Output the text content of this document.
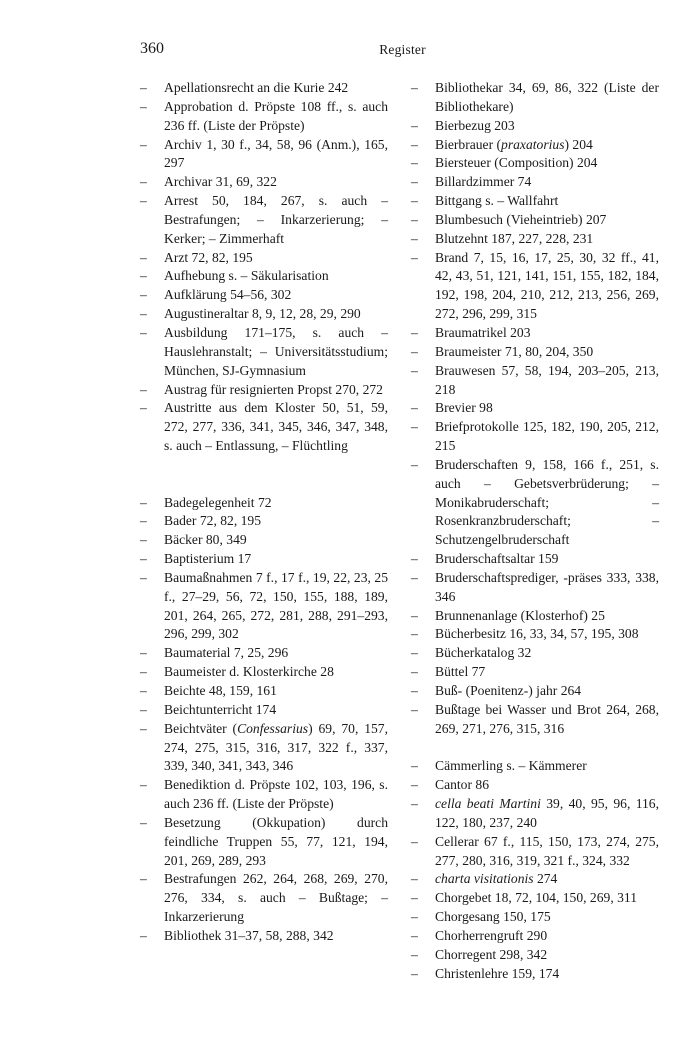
360	Register

– Apellationsrecht an die Kurie 242

– Approbation d. Pröpste 108 ff., s. auch 236 ff. (Liste der Pröpste)

– Archiv 1, 30 f., 34, 58, 96 (Anm.), 165, 297

– Archivar 31, 69, 322

– Arrest 50, 184, 267, s. auch – Bestrafungen; – Inkarzerierung; – Kerker; – Zimmerhaft

– Arzt 72, 82, 195

– Aufhebung s. – Säkularisation

– Aufklärung 54–56, 302

– Augustineraltar 8, 9, 12, 28, 29, 290

– Ausbildung 171–175, s. auch – Hauslehranstalt; – Universitätsstudium; München, SJ-Gymnasium

– Austrag für resignierten Propst 270, 272

– Austritte aus dem Kloster 50, 51, 59, 272, 277, 336, 341, 345, 346, 347, 348, s. auch – Entlassung, – Flüchtling

– Badegelegenheit 72

– Bader 72, 82, 195

– Bäcker 80, 349

– Baptisterium 17

– Baumaßnahmen 7 f., 17 f., 19, 22, 23, 25 f., 27–29, 56, 72, 150, 155, 188, 189, 201, 264, 265, 272, 281, 288, 291–293, 296, 299, 302

– Baumaterial 7, 25, 296

– Baumeister d. Klosterkirche 28

– Beichte 48, 159, 161

– Beichtunterricht 174

– Beichtväter (Confessarius) 69, 70, 157, 274, 275, 315, 316, 317, 322 f., 337, 339, 340, 341, 343, 346

– Benediktion d. Pröpste 102, 103, 196, s. auch 236 ff. (Liste der Pröpste)

– Besetzung (Okkupation) durch feindliche Truppen 55, 77, 121, 194, 201, 269, 289, 293

– Bestrafungen 262, 264, 268, 269, 270, 276, 334, s. auch – Bußtage; – Inkarzerierung

– Bibliothek 31–37, 58, 288, 342

– Bibliothekar 34, 69, 86, 322 (Liste der Bibliothekare)

– Bierbezug 203

– Bierbrauer (praxatorius) 204

– Biersteuer (Composition) 204

– Billardzimmer 74

– Bittgang s. – Wallfahrt

– Blumbesuch (Vieheintrieb) 207

– Blutzehnt 187, 227, 228, 231

– Brand 7, 15, 16, 17, 25, 30, 32 ff., 41, 42, 43, 51, 121, 141, 151, 155, 182, 184, 192, 198, 204, 210, 212, 213, 256, 269, 272, 296, 299, 315

– Braumatrikel 203

– Braumeister 71, 80, 204, 350

– Brauwesen 57, 58, 194, 203–205, 213, 218

– Brevier 98

– Briefprotokolle 125, 182, 190, 205, 212, 215

– Bruderschaften 9, 158, 166 f., 251, s. auch – Gebetsverbrüderung; – Monikabruderschaft; – Rosenkranzbruderschaft; – Schutzengelbruderschaft

– Bruderschaftsaltar 159

– Bruderschaftsprediger, -präses 333, 338, 346

– Brunnenanlage (Klosterhof) 25

– Bücherbesitz 16, 33, 34, 57, 195, 308

– Bücherkatalog 32

– Büttel 77

– Buß- (Poenitenz-) jahr 264

– Bußtage bei Wasser und Brot 264, 268, 269, 271, 276, 315, 316

– Cämmerling s. – Kämmerer

– Cantor 86

– cella beati Martini 39, 40, 95, 96, 116, 122, 180, 237, 240

– Cellerar 67 f., 115, 150, 173, 274, 275, 277, 280, 316, 319, 321 f., 324, 332

– charta visitationis 274

– Chorgebet 18, 72, 104, 150, 269, 311

– Chorgesang 150, 175

– Chorherrengruft 290

– Chorregent 298, 342

– Christenlehre 159, 174
